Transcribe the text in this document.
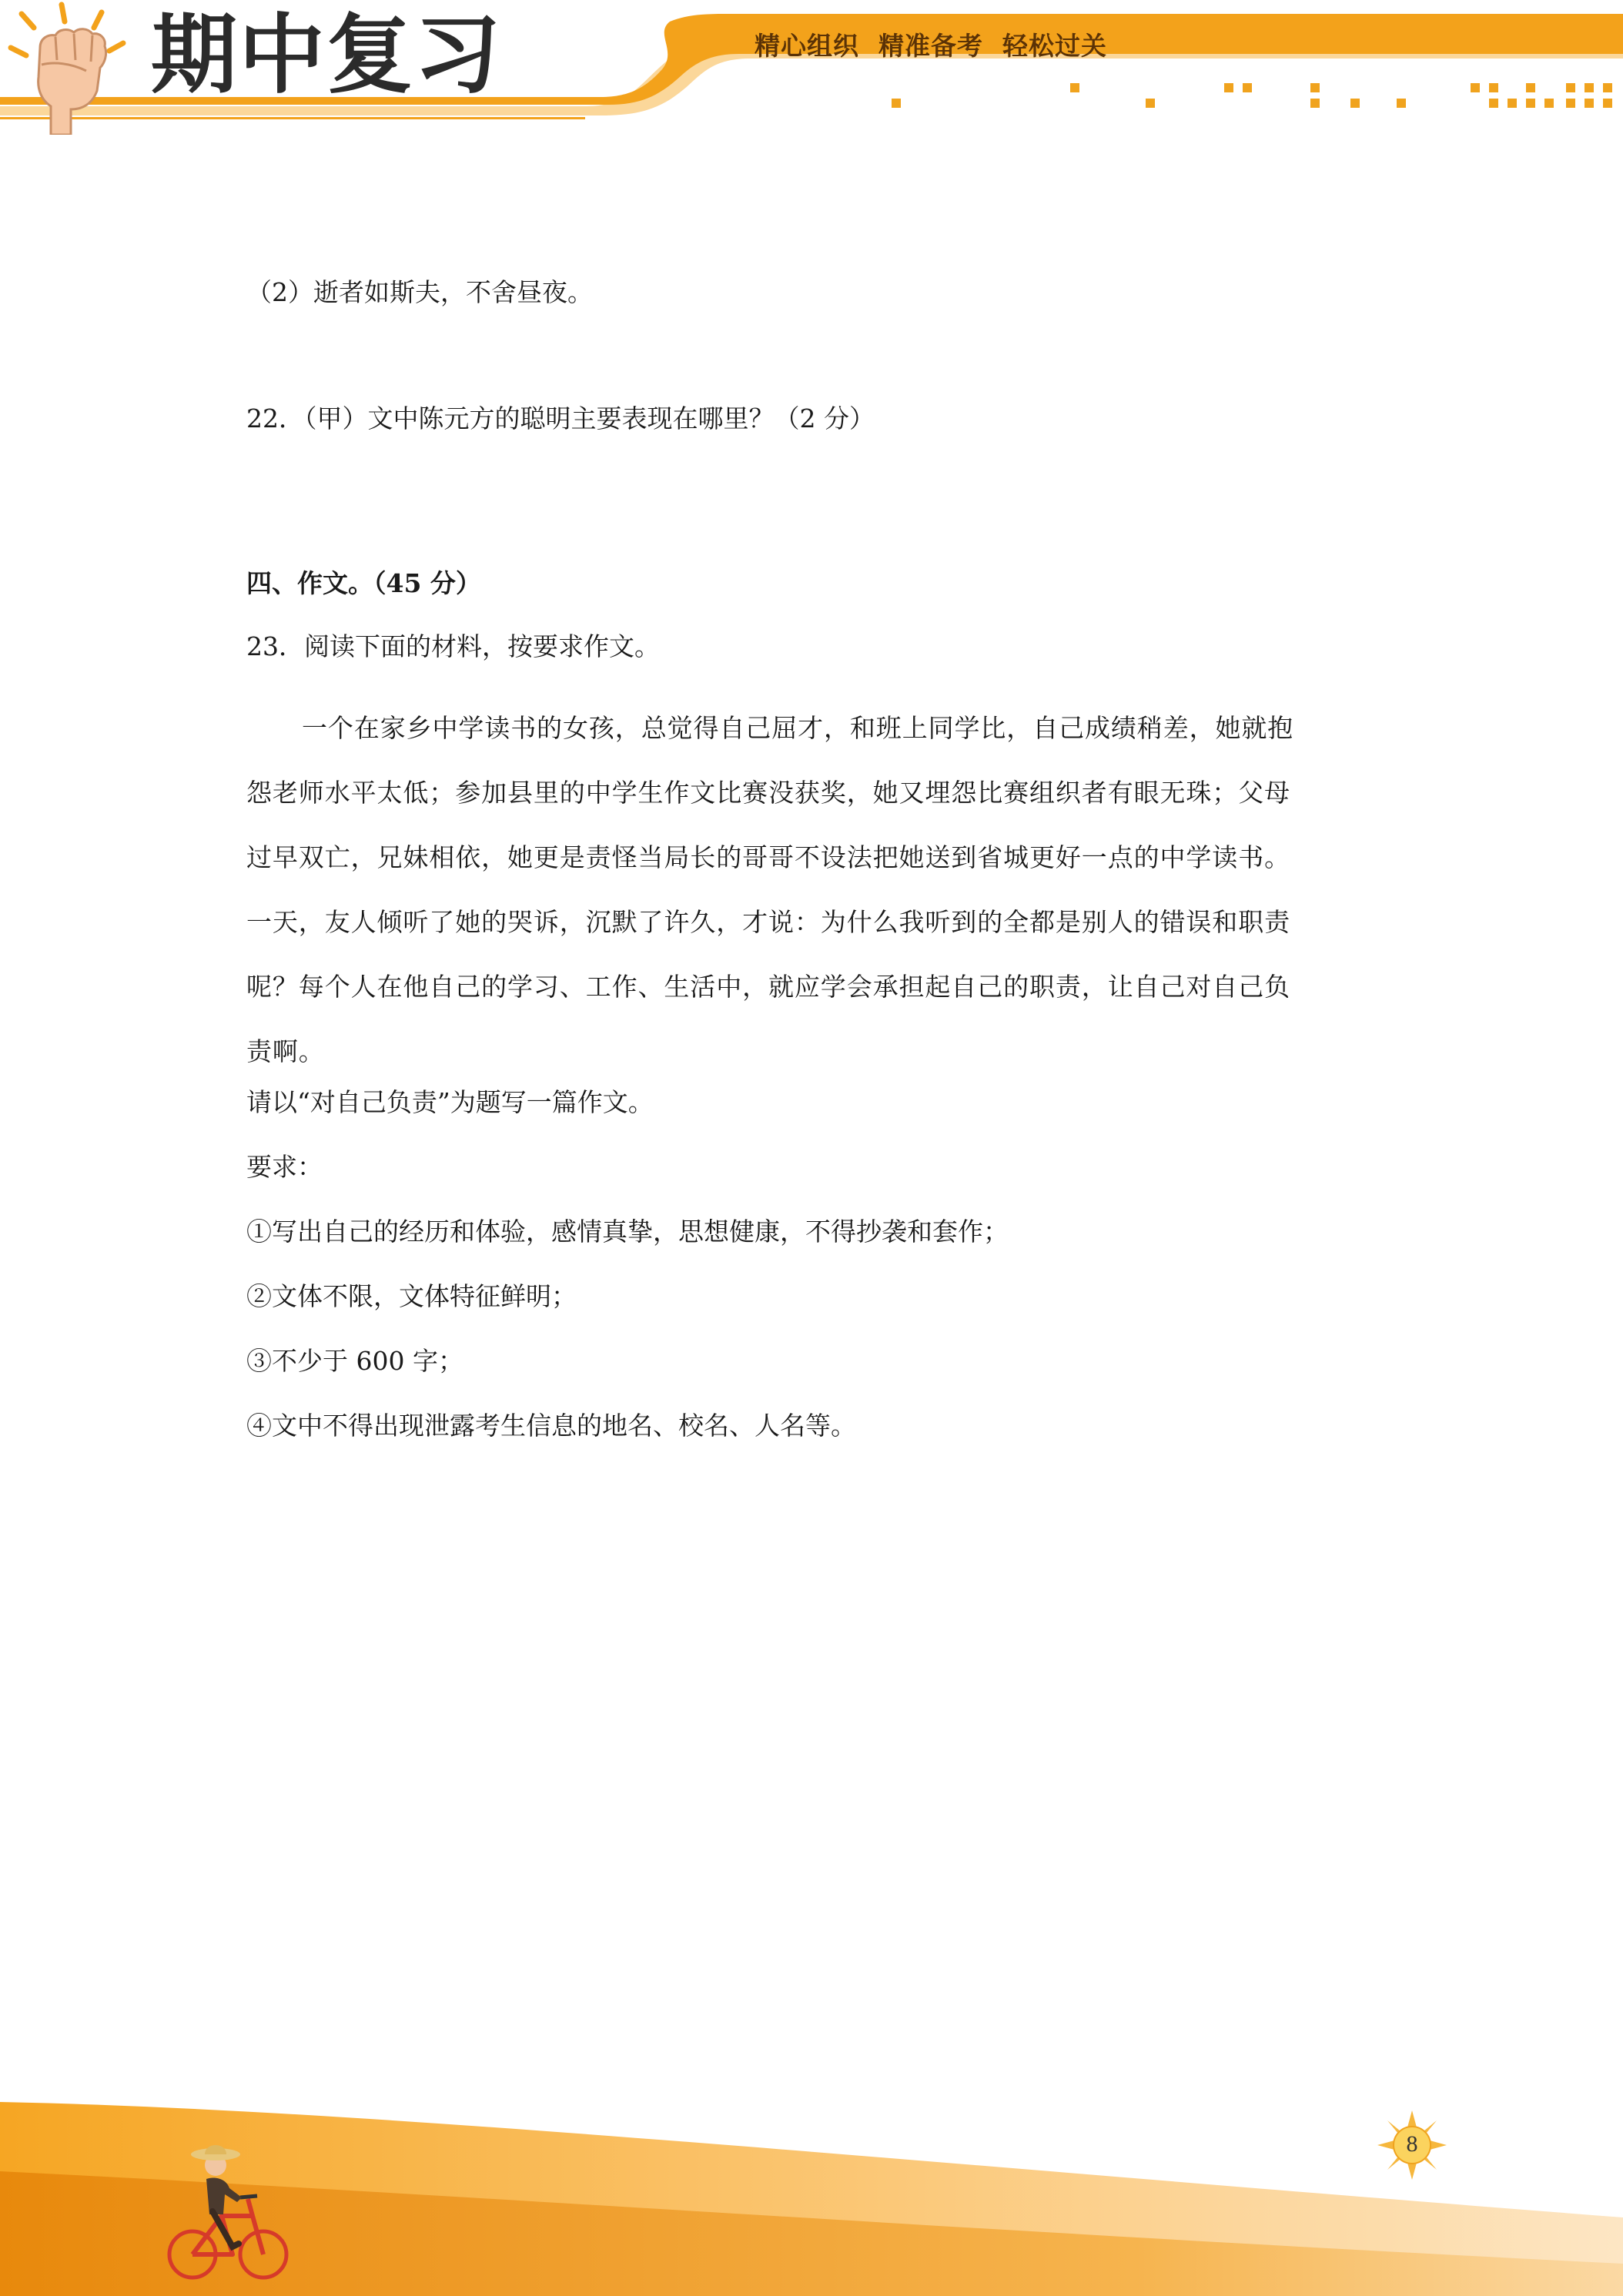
期中复习	精心组织  精准备考  轻松过关
（2）逝者如斯夫，不舍昼夜。
22．（甲）文中陈元方的聪明主要表现在哪里？（2 分）
四、作文。（45 分）
23．阅读下面的材料，按要求作文。
一个在家乡中学读书的女孩，总觉得自己屈才，和班上同学比，自己成绩稍差，她就抱
怨老师水平太低；参加县里的中学生作文比赛没获奖，她又埋怨比赛组织者有眼无珠；父母
过早双亡，兄妹相依，她更是责怪当局长的哥哥不设法把她送到省城更好一点的中学读书。
一天，友人倾听了她的哭诉，沉默了许久，才说：为什么我听到的全都是别人的错误和职责
呢？每个人在他自己的学习、工作、生活中，就应学会承担起自己的职责，让自己对自己负
责啊。
请以“对自己负责”为题写一篇作文。
要求：
①写出自己的经历和体验，感情真挚，思想健康，不得抄袭和套作；
②文体不限，文体特征鲜明；
③不少于 600 字；
④文中不得出现泄露考生信息的地名、校名、人名等。
8
